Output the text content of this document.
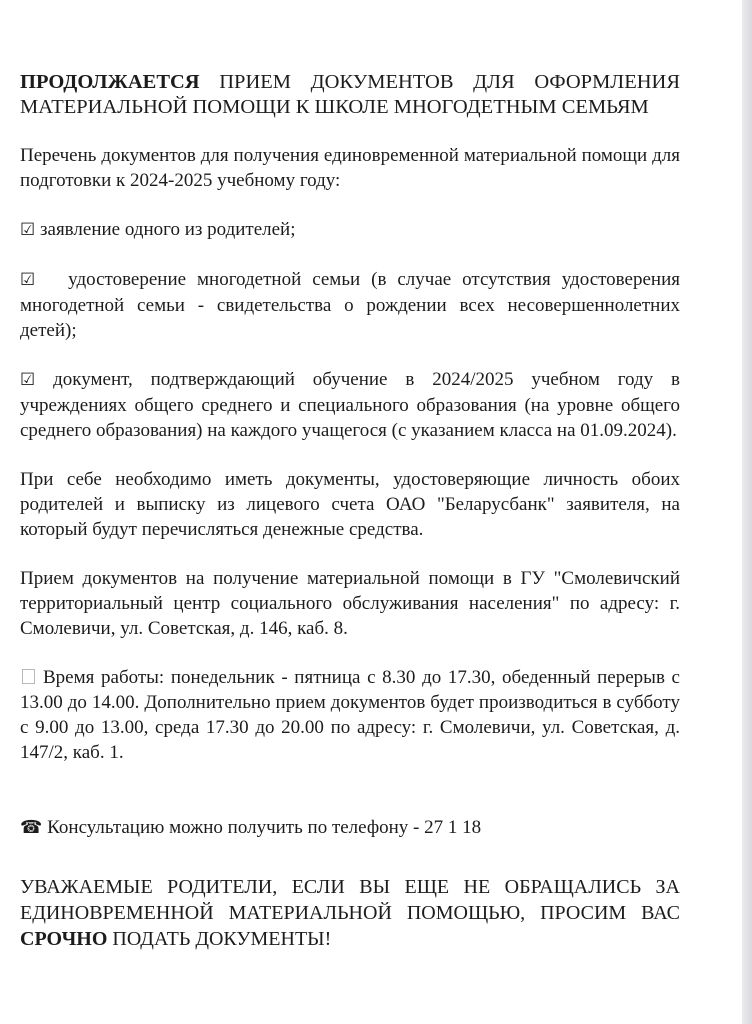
ПРОДОЛЖАЕТСЯ ПРИЕМ ДОКУМЕНТОВ ДЛЯ ОФОРМЛЕНИЯ МАТЕРИАЛЬНОЙ ПОМОЩИ К ШКОЛЕ МНОГОДЕТНЫМ СЕМЬЯМ

Перечень документов для получения единовременной материальной помощи для подготовки к 2024-2025 учебному году:

☑ заявление одного из родителей;

☑ удостоверение многодетной семьи (в случае отсутствия удостоверения многодетной семьи - свидетельства о рождении всех несовершеннолетних детей);

☑ документ, подтверждающий обучение в 2024/2025 учебном году в учреждениях общего среднего и специального образования (на уровне общего среднего образования) на каждого учащегося (с указанием класса на 01.09.2024).

При себе необходимо иметь документы, удостоверяющие личность обоих родителей и выписку из лицевого счета ОАО "Беларусбанк" заявителя, на который будут перечисляться денежные средства.

Прием документов на получение материальной помощи в ГУ "Смолевичский территориальный центр социального обслуживания населения" по адресу: г. Смолевичи, ул. Советская, д. 146, каб. 8.

Время работы: понедельник - пятница с 8.30 до 17.30, обеденный перерыв с 13.00 до 14.00. Дополнительно прием документов будет производиться в субботу с 9.00 до 13.00, среда 17.30 до 20.00 по адресу: г. Смолевичи, ул. Советская, д. 147/2, каб. 1.

☎ Консультацию можно получить по телефону - 27 1 18

УВАЖАЕМЫЕ РОДИТЕЛИ, ЕСЛИ ВЫ ЕЩЕ НЕ ОБРАЩАЛИСЬ ЗА ЕДИНОВРЕМЕННОЙ МАТЕРИАЛЬНОЙ ПОМОЩЬЮ, ПРОСИМ ВАС СРОЧНО ПОДАТЬ ДОКУМЕНТЫ!
